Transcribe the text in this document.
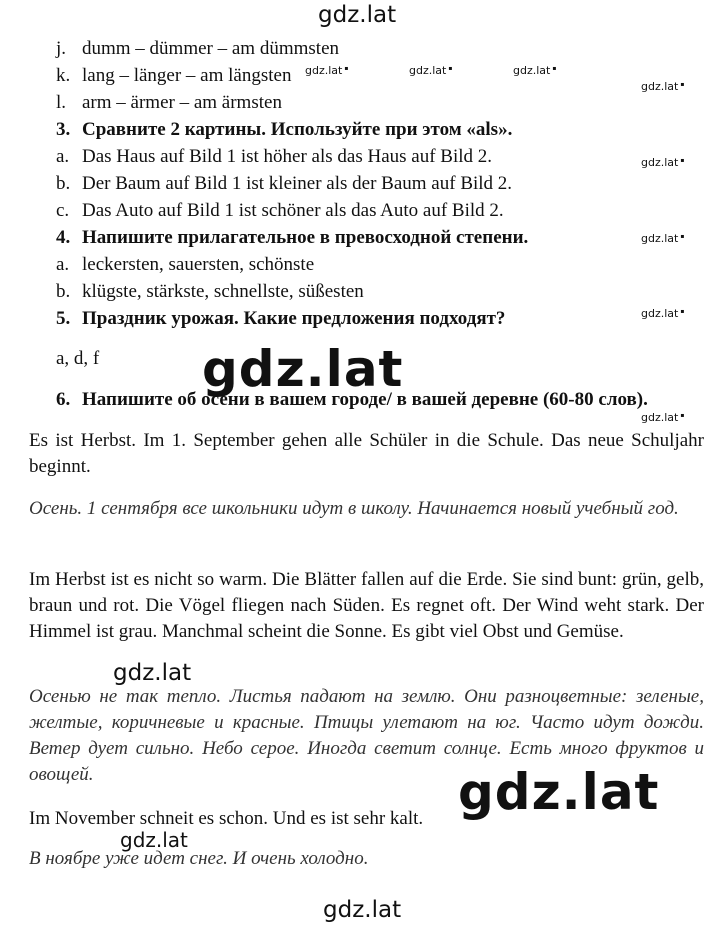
gdz.lat
gdz.lat ▪	gdz.lat ▪	gdz.lat ▪
gdz.lat ▪
gdz.lat ▪
gdz.lat ▪
gdz.lat ▪
gdz.lat ▪
j. dumm – dümmer – am dümmsten
k. lang – länger – am längsten
l. arm – ärmer – am ärmsten
3. Сравните 2 картины. Используйте при этом «als».
a. Das Haus auf Bild 1 ist höher als das Haus auf Bild 2.
b. Der Baum auf Bild 1 ist kleiner als der Baum auf Bild 2.
c. Das Auto auf Bild 1 ist schöner als das Auto auf Bild 2.
4. Напишите прилагательное в превосходной степени.
a. leckersten, sauersten, schönste
b. klügste, stärkste, schnellste, süßesten
5. Праздник урожая. Какие предложения подходят?
a, d, f
6. Напишите об осени в вашем городе/ в вашей деревне (60-80 слов).
Es ist Herbst. Im 1. September gehen alle Schüler in die Schule. Das neue Schuljahr beginnt.
Осень. 1 сентября все школьники идут в школу. Начинается новый учебный год.
Im Herbst ist es nicht so warm. Die Blätter fallen auf die Erde. Sie sind bunt: grün, gelb, braun und rot. Die Vögel fliegen nach Süden. Es regnet oft. Der Wind weht stark. Der Himmel ist grau. Manchmal scheint die Sonne. Es gibt viel Obst und Gemüse.
Осенью не так тепло. Листья падают на землю. Они разноцветные: зеленые, желтые, коричневые и красные. Птицы улетают на юг. Часто идут дожди. Ветер дует сильно. Небо серое. Иногда светит солнце. Есть много фруктов и овощей.
Im November schneit es schon. Und es ist sehr kalt.
В ноябре уже идет снег. И очень холодно.
gdz.lat
gdz.lat
gdz.lat
gdz.lat
gdz.lat
